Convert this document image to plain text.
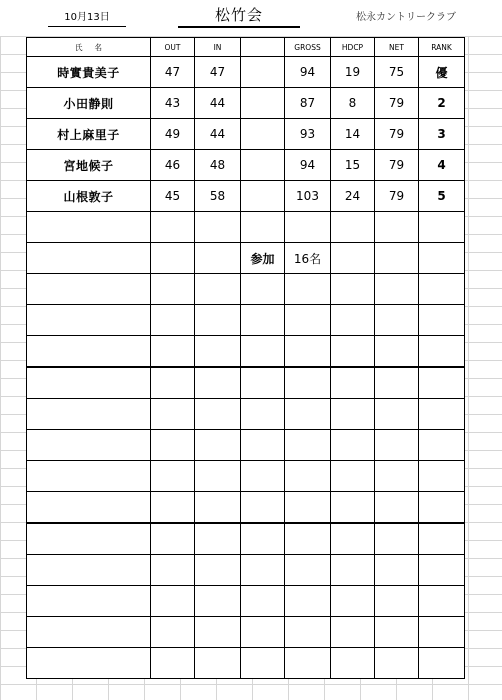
10月13日	松竹会	松永カントリークラブ
氏名	OUT	IN		GROSS	HDCP	NET	RANK
時實貴美子	47	47		94	19	75	優
小田静則	43	44		87	8	79	2
村上麻里子	49	44		93	14	79	3
宮地候子	46	48		94	15	79	4
山根敦子	45	58		103	24	79	5

			参加	16名			
